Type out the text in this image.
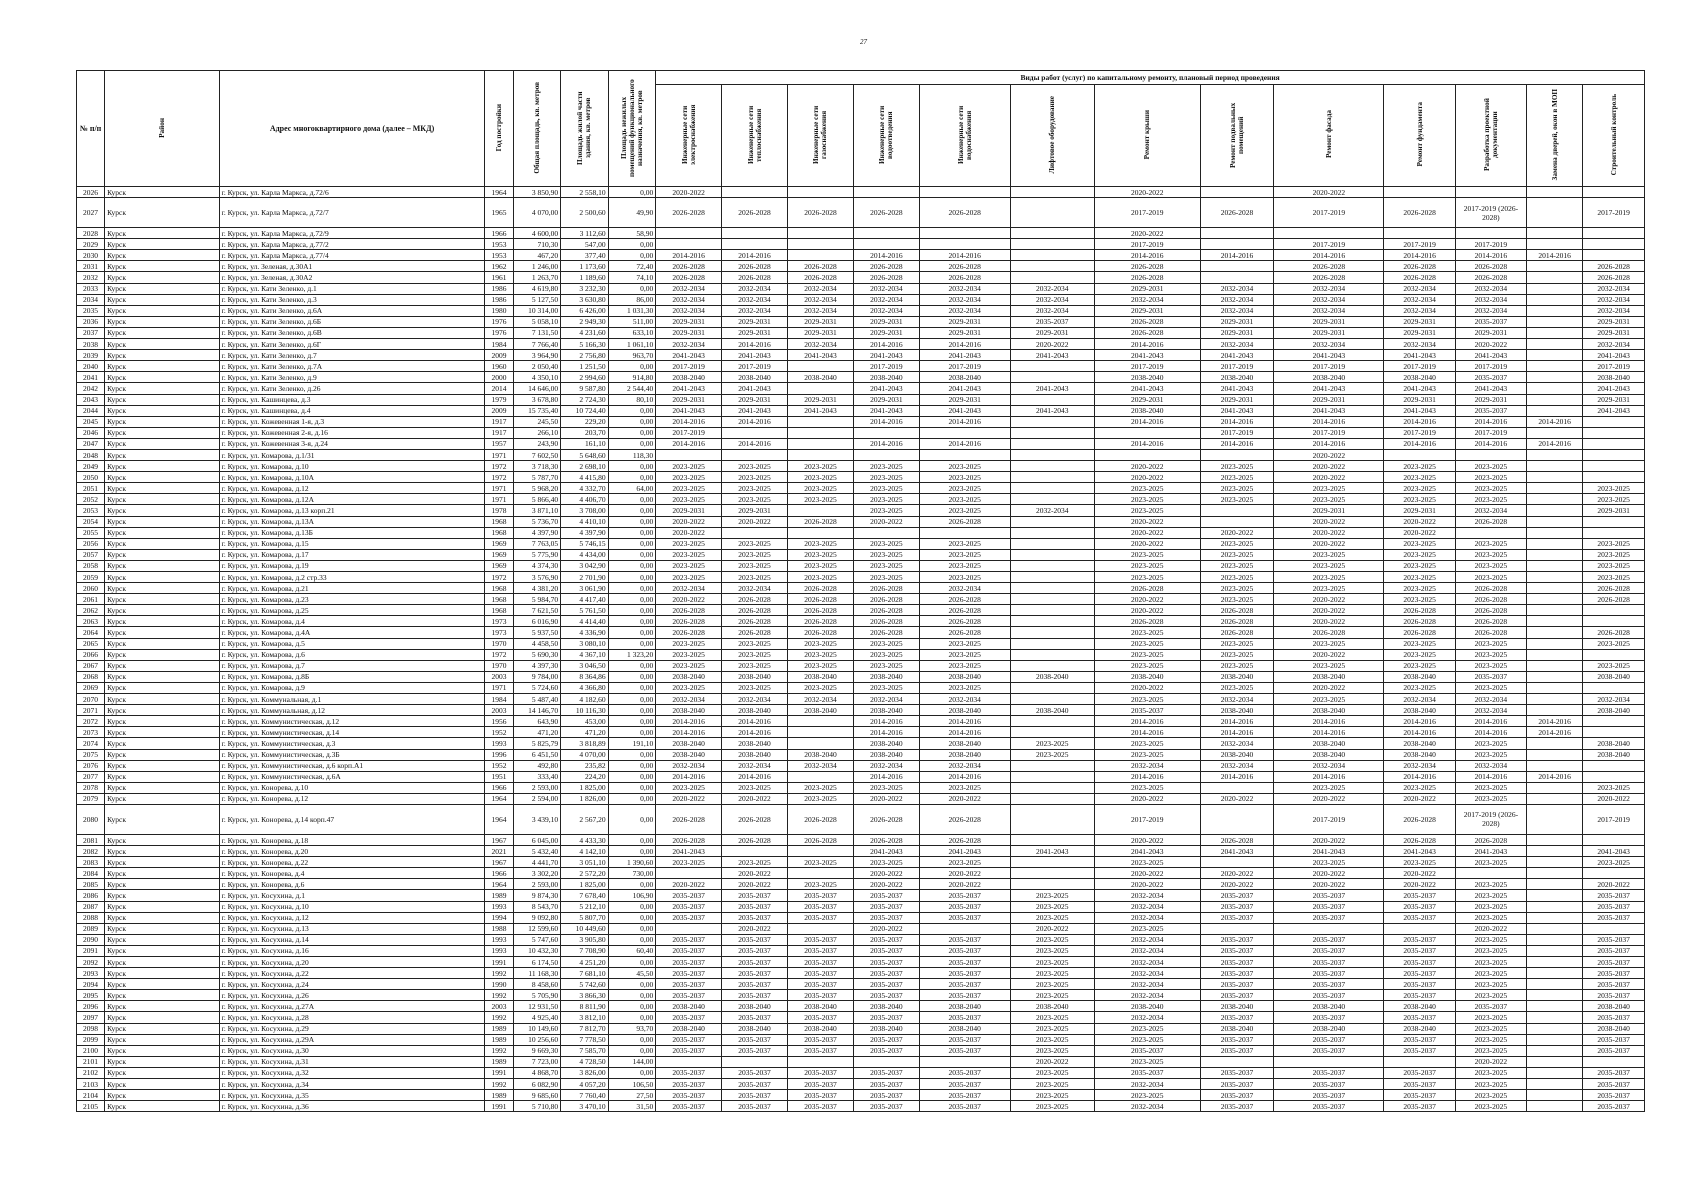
27
№ п/п	Район	Адрес многоквартирного дома (далее – МКД)	Год постройки	Общая площадь, кв. метров	Площадь жилой части здания, кв. метров	Площадь нежилых помещений функционального назначения, кв. метров	Виды работ (услуг) по капитальному ремонту, плановый период проведения												
							Инженерные сети электроснабжения	Инженерные сети теплоснабжения	Инженерные сети газоснабжения	Инженерные сети водоотведения	Инженерные сети водоснабжения	Лифтовое оборудование	Ремонт крыши	Ремонт подвальных помещений	Ремонт фасада	Ремонт фундамента	Разработка проектной документации	Замена дверей, окон в МОП	Строительный контроль
2026	Курск	г. Курск, ул. Карла Маркса, д.72/6	1964	3 850,90	2 558,10	0,00	2020-2022						2020-2022		2020-2022				
2027	Курск	г. Курск, ул. Карла Маркса, д.72/7	1965	4 070,00	2 500,60	49,90	2026-2028	2026-2028	2026-2028	2026-2028	2026-2028		2017-2019	2026-2028	2017-2019	2026-2028	2017-2019 (2026-2028)		2017-2019
2028	Курск	г. Курск, ул. Карла Маркса, д.72/9	1966	4 600,00	3 112,60	58,90							2020-2022						
2029	Курск	г. Курск, ул. Карла Маркса, д.77/2	1953	710,30	547,00	0,00							2017-2019		2017-2019	2017-2019	2017-2019		
2030	Курск	г. Курск, ул. Карла Маркса, д.77/4	1953	467,20	377,40	0,00	2014-2016	2014-2016		2014-2016	2014-2016		2014-2016	2014-2016	2014-2016	2014-2016	2014-2016	2014-2016	
2031	Курск	г. Курск, ул. Зеленая, д.30А1	1962	1 246,00	1 173,60	72,40	2026-2028	2026-2028	2026-2028	2026-2028	2026-2028		2026-2028		2026-2028	2026-2028	2026-2028		2026-2028
2032	Курск	г. Курск, ул. Зеленая, д.30А2	1961	1 263,70	1 189,60	74,10	2026-2028	2026-2028	2026-2028	2026-2028	2026-2028		2026-2028		2026-2028	2026-2028	2026-2028		2026-2028
2033	Курск	г. Курск, ул. Кати Зеленко, д.1	1986	4 619,80	3 232,30	0,00	2032-2034	2032-2034	2032-2034	2032-2034	2032-2034	2032-2034	2029-2031	2032-2034	2032-2034	2032-2034	2032-2034		2032-2034
2034	Курск	г. Курск, ул. Кати Зеленко, д.3	1986	5 127,50	3 630,80	86,00	2032-2034	2032-2034	2032-2034	2032-2034	2032-2034	2032-2034	2032-2034	2032-2034	2032-2034	2032-2034	2032-2034		2032-2034
2035	Курск	г. Курск, ул. Кати Зеленко, д.6А	1980	10 314,00	6 426,00	1 031,30	2032-2034	2032-2034	2032-2034	2032-2034	2032-2034	2032-2034	2029-2031	2032-2034	2032-2034	2032-2034	2032-2034		2032-2034
2036	Курск	г. Курск, ул. Кати Зеленко, д.6Б	1976	5 058,10	2 949,30	511,00	2029-2031	2029-2031	2029-2031	2029-2031	2029-2031	2035-2037	2026-2028	2029-2031	2029-2031	2029-2031	2035-2037		2029-2031
2037	Курск	г. Курск, ул. Кати Зеленко, д.6В	1976	7 131,50	4 231,60	633,10	2029-2031	2029-2031	2029-2031	2029-2031	2029-2031	2029-2031	2026-2028	2029-2031	2029-2031	2029-2031	2029-2031		2029-2031
2038	Курск	г. Курск, ул. Кати Зеленко, д.6Г	1984	7 766,40	5 166,30	1 061,10	2032-2034	2014-2016	2032-2034	2014-2016	2014-2016	2020-2022	2014-2016	2032-2034	2032-2034	2032-2034	2020-2022		2032-2034
2039	Курск	г. Курск, ул. Кати Зеленко, д.7	2009	3 964,90	2 756,80	963,70	2041-2043	2041-2043	2041-2043	2041-2043	2041-2043	2041-2043	2041-2043	2041-2043	2041-2043	2041-2043	2041-2043		2041-2043
2040	Курск	г. Курск, ул. Кати Зеленко, д.7А	1960	2 050,40	1 251,50	0,00	2017-2019	2017-2019		2017-2019	2017-2019		2017-2019	2017-2019	2017-2019	2017-2019	2017-2019		2017-2019
2041	Курск	г. Курск, ул. Кати Зеленко, д.9	2000	4 350,10	2 994,60	914,80	2038-2040	2038-2040	2038-2040	2038-2040	2038-2040		2038-2040	2038-2040	2038-2040	2038-2040	2035-2037		2038-2040
2042	Курск	г. Курск, ул. Кати Зеленко, д.26	2014	14 646,00	9 587,80	2 544,40	2041-2043	2041-2043		2041-2043	2041-2043	2041-2043	2041-2043	2041-2043	2041-2043	2041-2043	2041-2043		2041-2043
2043	Курск	г. Курск, ул. Кашинцева, д.3	1979	3 678,80	2 724,30	80,10	2029-2031	2029-2031	2029-2031	2029-2031	2029-2031		2029-2031	2029-2031	2029-2031	2029-2031	2029-2031		2029-2031
2044	Курск	г. Курск, ул. Кашинцева, д.4	2009	15 735,40	10 724,40	0,00	2041-2043	2041-2043	2041-2043	2041-2043	2041-2043	2041-2043	2038-2040	2041-2043	2041-2043	2041-2043	2035-2037		2041-2043
2045	Курск	г. Курск, ул. Кожевенная 1-я, д.3	1917	245,50	229,20	0,00	2014-2016	2014-2016		2014-2016	2014-2016		2014-2016	2014-2016	2014-2016	2014-2016	2014-2016	2014-2016	
2046	Курск	г. Курск, ул. Кожевенная 2-я, д.16	1917	266,10	203,70	0,00	2017-2019							2017-2019	2017-2019	2017-2019	2017-2019		
2047	Курск	г. Курск, ул. Кожевенная 3-я, д.24	1957	243,90	161,10	0,00	2014-2016	2014-2016		2014-2016	2014-2016		2014-2016	2014-2016	2014-2016	2014-2016	2014-2016	2014-2016	
2048	Курск	г. Курск, ул. Комарова, д.1/31	1971	7 602,50	5 648,60	118,30									2020-2022				
2049	Курск	г. Курск, ул. Комарова, д.10	1972	3 718,30	2 698,10	0,00	2023-2025	2023-2025	2023-2025	2023-2025	2023-2025		2020-2022	2023-2025	2020-2022	2023-2025	2023-2025		
2050	Курск	г. Курск, ул. Комарова, д.10А	1972	5 787,70	4 415,80	0,00	2023-2025	2023-2025	2023-2025	2023-2025	2023-2025		2020-2022	2023-2025	2020-2022	2023-2025	2023-2025		
2051	Курск	г. Курск, ул. Комарова, д.12	1971	5 968,20	4 332,70	64,00	2023-2025	2023-2025	2023-2025	2023-2025	2023-2025		2023-2025	2023-2025	2023-2025	2023-2025	2023-2025		2023-2025
2052	Курск	г. Курск, ул. Комарова, д.12А	1971	5 866,40	4 406,70	0,00	2023-2025	2023-2025	2023-2025	2023-2025	2023-2025		2023-2025	2023-2025	2023-2025	2023-2025	2023-2025		2023-2025
2053	Курск	г. Курск, ул. Комарова, д.13 корп.21	1978	3 871,10	3 708,00	0,00	2029-2031	2029-2031		2023-2025	2023-2025	2032-2034	2023-2025		2029-2031	2029-2031	2032-2034		2029-2031
2054	Курск	г. Курск, ул. Комарова, д.13А	1968	5 736,70	4 410,10	0,00	2020-2022	2020-2022	2026-2028	2020-2022	2026-2028		2020-2022		2020-2022	2020-2022	2026-2028		
2055	Курск	г. Курск, ул. Комарова, д.13Б	1968	4 397,90	4 397,90	0,00	2020-2022						2020-2022	2020-2022	2020-2022	2020-2022			
2056	Курск	г. Курск, ул. Комарова, д.15	1969	7 763,05	5 746,15	0,00	2023-2025	2023-2025	2023-2025	2023-2025	2023-2025		2020-2022	2023-2025	2020-2022	2023-2025	2023-2025		2023-2025
2057	Курск	г. Курск, ул. Комарова, д.17	1969	5 775,90	4 434,00	0,00	2023-2025	2023-2025	2023-2025	2023-2025	2023-2025		2023-2025	2023-2025	2023-2025	2023-2025	2023-2025		2023-2025
2058	Курск	г. Курск, ул. Комарова, д.19	1969	4 374,30	3 042,90	0,00	2023-2025	2023-2025	2023-2025	2023-2025	2023-2025		2023-2025	2023-2025	2023-2025	2023-2025	2023-2025		2023-2025
2059	Курск	г. Курск, ул. Комарова, д.2 стр.33	1972	3 576,90	2 701,90	0,00	2023-2025	2023-2025	2023-2025	2023-2025	2023-2025		2023-2025	2023-2025	2023-2025	2023-2025	2023-2025		2023-2025
2060	Курск	г. Курск, ул. Комарова, д.21	1968	4 381,20	3 061,90	0,00	2032-2034	2032-2034	2026-2028	2026-2028	2032-2034		2026-2028	2023-2025	2023-2025	2023-2025	2026-2028		2026-2028
2061	Курск	г. Курск, ул. Комарова, д.23	1968	5 984,70	4 417,40	0,00	2020-2022	2026-2028	2026-2028	2026-2028	2026-2028		2020-2022	2023-2025	2020-2022	2023-2025	2026-2028		2026-2028
2062	Курск	г. Курск, ул. Комарова, д.25	1968	7 621,50	5 761,50	0,00	2026-2028	2026-2028	2026-2028	2026-2028	2026-2028		2020-2022	2026-2028	2020-2022	2026-2028	2026-2028		
2063	Курск	г. Курск, ул. Комарова, д.4	1973	6 016,90	4 414,40	0,00	2026-2028	2026-2028	2026-2028	2026-2028	2026-2028		2026-2028	2026-2028	2020-2022	2026-2028	2026-2028		
2064	Курск	г. Курск, ул. Комарова, д.4А	1973	5 937,50	4 336,90	0,00	2026-2028	2026-2028	2026-2028	2026-2028	2026-2028		2023-2025	2026-2028	2026-2028	2026-2028	2026-2028		2026-2028
2065	Курск	г. Курск, ул. Комарова, д.5	1970	4 458,50	3 080,10	0,00	2023-2025	2023-2025	2023-2025	2023-2025	2023-2025		2023-2025	2023-2025	2023-2025	2023-2025	2023-2025		2023-2025
2066	Курск	г. Курск, ул. Комарова, д.6	1972	5 690,30	4 367,10	1 323,20	2023-2025	2023-2025	2023-2025	2023-2025	2023-2025		2023-2025	2023-2025	2020-2022	2023-2025	2023-2025		
2067	Курск	г. Курск, ул. Комарова, д.7	1970	4 397,30	3 046,50	0,00	2023-2025	2023-2025	2023-2025	2023-2025	2023-2025		2023-2025	2023-2025	2023-2025	2023-2025	2023-2025		2023-2025
2068	Курск	г. Курск, ул. Комарова, д.8Б	2003	9 784,00	8 364,86	0,00	2038-2040	2038-2040	2038-2040	2038-2040	2038-2040	2038-2040	2038-2040	2038-2040	2038-2040	2038-2040	2035-2037		2038-2040
2069	Курск	г. Курск, ул. Комарова, д.9	1971	5 724,60	4 366,80	0,00	2023-2025	2023-2025	2023-2025	2023-2025	2023-2025		2020-2022	2023-2025	2020-2022	2023-2025	2023-2025		
2070	Курск	г. Курск, ул. Коммунальная, д.1	1984	5 487,40	4 182,60	0,00	2032-2034	2032-2034	2032-2034	2032-2034	2032-2034		2023-2025	2032-2034	2023-2025	2032-2034	2032-2034		2032-2034
2071	Курск	г. Курск, ул. Коммунальная, д.12	2003	14 146,70	10 116,30	0,00	2038-2040	2038-2040	2038-2040	2038-2040	2038-2040	2038-2040	2035-2037	2038-2040	2038-2040	2038-2040	2032-2034		2038-2040
2072	Курск	г. Курск, ул. Коммунистическая, д.12	1956	643,90	453,00	0,00	2014-2016	2014-2016		2014-2016	2014-2016		2014-2016	2014-2016	2014-2016	2014-2016	2014-2016	2014-2016	
2073	Курск	г. Курск, ул. Коммунистическая, д.14	1952	471,20	471,20	0,00	2014-2016	2014-2016		2014-2016	2014-2016		2014-2016	2014-2016	2014-2016	2014-2016	2014-2016	2014-2016	
2074	Курск	г. Курск, ул. Коммунистическая, д.3	1993	5 825,79	3 818,89	191,10	2038-2040	2038-2040		2038-2040	2038-2040	2023-2025	2023-2025	2032-2034	2038-2040	2038-2040	2023-2025		2038-2040
2075	Курск	г. Курск, ул. Коммунистическая, д.3Б	1996	6 451,50	4 070,00	0,00	2038-2040	2038-2040	2038-2040	2038-2040	2038-2040	2023-2025	2023-2025	2038-2040	2038-2040	2038-2040	2023-2025		2038-2040
2076	Курск	г. Курск, ул. Коммунистическая, д.6 корп.А1	1952	492,80	235,82	0,00	2032-2034	2032-2034	2032-2034	2032-2034	2032-2034		2032-2034	2032-2034	2032-2034	2032-2034	2032-2034		
2077	Курск	г. Курск, ул. Коммунистическая, д.6А	1951	333,40	224,20	0,00	2014-2016	2014-2016		2014-2016	2014-2016		2014-2016	2014-2016	2014-2016	2014-2016	2014-2016	2014-2016	
2078	Курск	г. Курск, ул. Конорева, д.10	1966	2 593,00	1 825,00	0,00	2023-2025	2023-2025	2023-2025	2023-2025	2023-2025		2023-2025		2023-2025	2023-2025	2023-2025		2023-2025
2079	Курск	г. Курск, ул. Конорева, д.12	1964	2 594,00	1 826,00	0,00	2020-2022	2020-2022	2023-2025	2020-2022	2020-2022		2020-2022	2020-2022	2020-2022	2020-2022	2023-2025		2020-2022
2080	Курск	г. Курск, ул. Конорева, д.14 корп.47	1964	3 439,10	2 567,20	0,00	2026-2028	2026-2028	2026-2028	2026-2028	2026-2028		2017-2019		2017-2019	2026-2028	2017-2019 (2026-2028)		2017-2019
2081	Курск	г. Курск, ул. Конорева, д.18	1967	6 045,00	4 433,30	0,00	2026-2028	2026-2028	2026-2028	2026-2028	2026-2028		2020-2022	2026-2028	2020-2022	2026-2028	2026-2028		
2082	Курск	г. Курск, ул. Конорева, д.20	2021	5 432,40	4 142,10	0,00	2041-2043			2041-2043	2041-2043	2041-2043	2041-2043	2041-2043	2041-2043	2041-2043	2041-2043		2041-2043
2083	Курск	г. Курск, ул. Конорева, д.22	1967	4 441,70	3 051,10	1 390,60	2023-2025	2023-2025	2023-2025	2023-2025	2023-2025		2023-2025		2023-2025	2023-2025	2023-2025		2023-2025
2084	Курск	г. Курск, ул. Конорева, д.4	1966	3 302,20	2 572,20	730,00		2020-2022		2020-2022	2020-2022		2020-2022	2020-2022	2020-2022	2020-2022			
2085	Курск	г. Курск, ул. Конорева, д.6	1964	2 593,00	1 825,00	0,00	2020-2022	2020-2022	2023-2025	2020-2022	2020-2022		2020-2022	2020-2022	2020-2022	2020-2022	2023-2025		2020-2022
2086	Курск	г. Курск, ул. Косухина, д.1	1989	9 874,30	7 678,40	106,90	2035-2037	2035-2037	2035-2037	2035-2037	2035-2037	2023-2025	2032-2034	2035-2037	2035-2037	2035-2037	2023-2025		2035-2037
2087	Курск	г. Курск, ул. Косухина, д.10	1993	8 543,70	5 212,10	0,00	2035-2037	2035-2037	2035-2037	2035-2037	2035-2037	2023-2025	2032-2034	2035-2037	2035-2037	2035-2037	2023-2025		2035-2037
2088	Курск	г. Курск, ул. Косухина, д.12	1994	9 092,80	5 807,70	0,00	2035-2037	2035-2037	2035-2037	2035-2037	2035-2037	2023-2025	2032-2034	2035-2037	2035-2037	2035-2037	2023-2025		2035-2037
2089	Курск	г. Курск, ул. Косухина, д.13	1988	12 599,60	10 449,60	0,00		2020-2022		2020-2022		2020-2022	2023-2025				2020-2022		
2090	Курск	г. Курск, ул. Косухина, д.14	1993	5 747,60	3 905,80	0,00	2035-2037	2035-2037	2035-2037	2035-2037	2035-2037	2023-2025	2032-2034	2035-2037	2035-2037	2035-2037	2023-2025		2035-2037
2091	Курск	г. Курск, ул. Косухина, д.16	1993	10 432,30	7 708,90	60,40	2035-2037	2035-2037	2035-2037	2035-2037	2035-2037	2023-2025	2032-2034	2035-2037	2035-2037	2035-2037	2023-2025		2035-2037
2092	Курск	г. Курск, ул. Косухина, д.20	1991	6 174,50	4 251,20	0,00	2035-2037	2035-2037	2035-2037	2035-2037	2035-2037	2023-2025	2032-2034	2035-2037	2035-2037	2035-2037	2023-2025		2035-2037
2093	Курск	г. Курск, ул. Косухина, д.22	1992	11 168,30	7 681,10	45,50	2035-2037	2035-2037	2035-2037	2035-2037	2035-2037	2023-2025	2032-2034	2035-2037	2035-2037	2035-2037	2023-2025		2035-2037
2094	Курск	г. Курск, ул. Косухина, д.24	1990	8 458,60	5 742,60	0,00	2035-2037	2035-2037	2035-2037	2035-2037	2035-2037	2023-2025	2032-2034	2035-2037	2035-2037	2035-2037	2023-2025		2035-2037
2095	Курск	г. Курск, ул. Косухина, д.26	1992	5 705,90	3 866,30	0,00	2035-2037	2035-2037	2035-2037	2035-2037	2035-2037	2023-2025	2032-2034	2035-2037	2035-2037	2035-2037	2023-2025		2035-2037
2096	Курск	г. Курск, ул. Косухина, д.27А	2003	12 931,50	8 811,90	0,00	2038-2040	2038-2040	2038-2040	2038-2040	2038-2040	2038-2040	2038-2040	2038-2040	2038-2040	2038-2040	2035-2037		2038-2040
2097	Курск	г. Курск, ул. Косухина, д.28	1992	4 925,40	3 812,10	0,00	2035-2037	2035-2037	2035-2037	2035-2037	2035-2037	2023-2025	2032-2034	2035-2037	2035-2037	2035-2037	2023-2025		2035-2037
2098	Курск	г. Курск, ул. Косухина, д.29	1989	10 149,60	7 812,70	93,70	2038-2040	2038-2040	2038-2040	2038-2040	2038-2040	2023-2025	2023-2025	2038-2040	2038-2040	2038-2040	2023-2025		2038-2040
2099	Курск	г. Курск, ул. Косухина, д.29А	1989	10 256,60	7 778,50	0,00	2035-2037	2035-2037	2035-2037	2035-2037	2035-2037	2023-2025	2023-2025	2035-2037	2035-2037	2035-2037	2023-2025		2035-2037
2100	Курск	г. Курск, ул. Косухина, д.30	1992	9 669,30	7 585,70	0,00	2035-2037	2035-2037	2035-2037	2035-2037	2035-2037	2023-2025	2035-2037	2035-2037	2035-2037	2035-2037	2023-2025		2035-2037
2101	Курск	г. Курск, ул. Косухина, д.31	1989	7 723,00	4 728,50	144,00						2020-2022	2023-2025				2020-2022		
2102	Курск	г. Курск, ул. Косухина, д.32	1991	4 868,70	3 826,00	0,00	2035-2037	2035-2037	2035-2037	2035-2037	2035-2037	2023-2025	2035-2037	2035-2037	2035-2037	2035-2037	2023-2025		2035-2037
2103	Курск	г. Курск, ул. Косухина, д.34	1992	6 082,90	4 057,20	106,50	2035-2037	2035-2037	2035-2037	2035-2037	2035-2037	2023-2025	2032-2034	2035-2037	2035-2037	2035-2037	2023-2025		2035-2037
2104	Курск	г. Курск, ул. Косухина, д.35	1989	9 685,60	7 760,40	27,50	2035-2037	2035-2037	2035-2037	2035-2037	2035-2037	2023-2025	2023-2025	2035-2037	2035-2037	2035-2037	2023-2025		2035-2037
2105	Курск	г. Курск, ул. Косухина, д.36	1991	5 710,80	3 470,10	31,50	2035-2037	2035-2037	2035-2037	2035-2037	2035-2037	2023-2025	2032-2034	2035-2037	2035-2037	2035-2037	2023-2025		2035-2037
